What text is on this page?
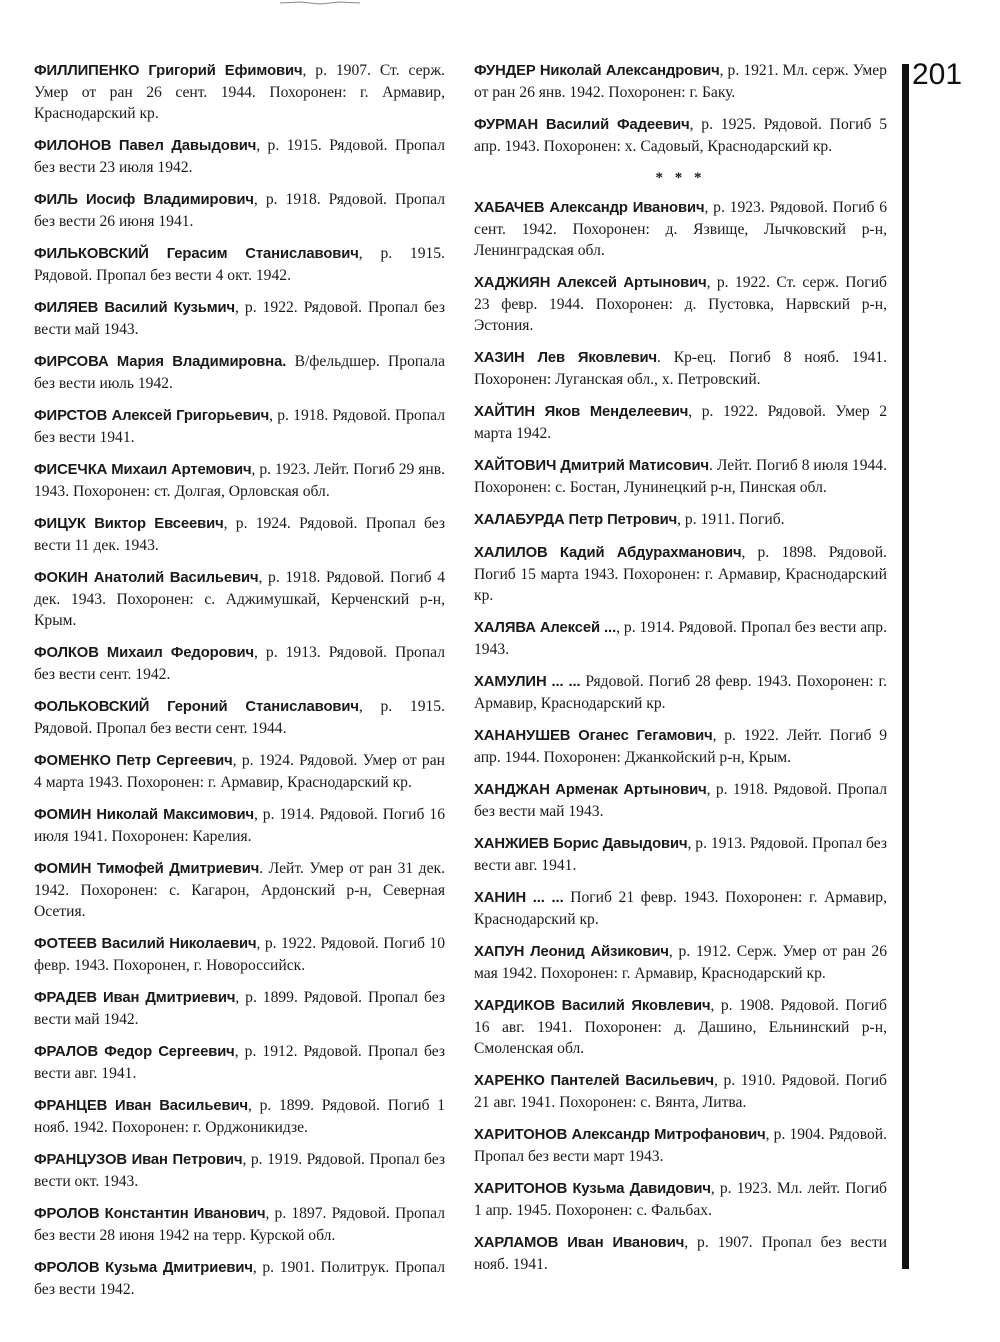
ФИЛЛИПЕНКО Григорий Ефимович, р. 1907. Ст. серж. Умер от ран 26 сент. 1944. Похоронен: г. Армавир, Краснодарский кр.

ФИЛОНОВ Павел Давыдович, р. 1915. Рядовой. Пропал без вести 23 июля 1942.

ФИЛЬ Иосиф Владимирович, р. 1918. Рядовой. Пропал без вести 26 июня 1941.

ФИЛЬКОВСКИЙ Герасим Станиславович, р. 1915. Рядовой. Пропал без вести 4 окт. 1942.

ФИЛЯЕВ Василий Кузьмич, р. 1922. Рядовой. Пропал без вести май 1943.

ФИРСОВА Мария Владимировна. В/фельдшер. Пропала без вести июль 1942.

ФИРСТОВ Алексей Григорьевич, р. 1918. Рядовой. Пропал без вести 1941.

ФИСЕЧКА Михаил Артемович, р. 1923. Лейт. Погиб 29 янв. 1943. Похоронен: ст. Долгая, Орловская обл.

ФИЦУК Виктор Евсеевич, р. 1924. Рядовой. Пропал без вести 11 дек. 1943.

ФОКИН Анатолий Васильевич, р. 1918. Рядовой. Погиб 4 дек. 1943. Похоронен: с. Аджимушкай, Керченский р-н, Крым.

ФОЛКОВ Михаил Федорович, р. 1913. Рядовой. Пропал без вести сент. 1942.

ФОЛЬКОВСКИЙ Героний Станиславович, р. 1915. Рядовой. Пропал без вести сент. 1944.

ФОМЕНКО Петр Сергеевич, р. 1924. Рядовой. Умер от ран 4 марта 1943. Похоронен: г. Армавир, Краснодарский кр.

ФОМИН Николай Максимович, р. 1914. Рядовой. Погиб 16 июля 1941. Похоронен: Карелия.

ФОМИН Тимофей Дмитриевич. Лейт. Умер от ран 31 дек. 1942. Похоронен: с. Кагарон, Ардонский р-н, Северная Осетия.

ФОТЕЕВ Василий Николаевич, р. 1922. Рядовой. Погиб 10 февр. 1943. Похоронен, г. Новороссийск.

ФРАДЕВ Иван Дмитриевич, р. 1899. Рядовой. Пропал без вести май 1942.

ФРАЛОВ Федор Сергеевич, р. 1912. Рядовой. Пропал без вести авг. 1941.

ФРАНЦЕВ Иван Васильевич, р. 1899. Рядовой. Погиб 1 нояб. 1942. Похоронен: г. Орджоникидзе.

ФРАНЦУЗОВ Иван Петрович, р. 1919. Рядовой. Пропал без вести окт. 1943.

ФРОЛОВ Константин Иванович, р. 1897. Рядовой. Пропал без вести 28 июня 1942 на терр. Курской обл.

ФРОЛОВ Кузьма Дмитриевич, р. 1901. Политрук. Пропал без вести 1942.

ФУНДЕР Николай Александрович, р. 1921. Мл. серж. Умер от ран 26 янв. 1942. Похоронен: г. Баку.

ФУРМАН Василий Фадеевич, р. 1925. Рядовой. Погиб 5 апр. 1943. Похоронен: х. Садовый, Краснодарский кр.

* * *

ХАБАЧЕВ Александр Иванович, р. 1923. Рядовой. Погиб 6 сент. 1942. Похоронен: д. Язвище, Лычковский р-н, Ленинградская обл.

ХАДЖИЯН Алексей Артынович, р. 1922. Ст. серж. Погиб 23 февр. 1944. Похоронен: д. Пустовка, Нарвский р-н, Эстония.

ХАЗИН Лев Яковлевич. Кр-ец. Погиб 8 нояб. 1941. Похоронен: Луганская обл., х. Петровский.

ХАЙТИН Яков Менделеевич, р. 1922. Рядовой. Умер 2 марта 1942.

ХАЙТОВИЧ Дмитрий Матисович. Лейт. Погиб 8 июля 1944. Похоронен: с. Бостан, Лунинецкий р-н, Пинская обл.

ХАЛАБУРДА Петр Петрович, р. 1911. Погиб.

ХАЛИЛОВ Кадий Абдурахманович, р. 1898. Рядовой. Погиб 15 марта 1943. Похоронен: г. Армавир, Краснодарский кр.

ХАЛЯВА Алексей ..., р. 1914. Рядовой. Пропал без вести апр. 1943.

ХАМУЛИН ... ... Рядовой. Погиб 28 февр. 1943. Похоронен: г. Армавир, Краснодарский кр.

ХАНАНУШЕВ Оганес Гегамович, р. 1922. Лейт. Погиб 9 апр. 1944. Похоронен: Джанкойский р-н, Крым.

ХАНДЖАН Арменак Артынович, р. 1918. Рядовой. Пропал без вести май 1943.

ХАНЖИЕВ Борис Давыдович, р. 1913. Рядовой. Пропал без вести авг. 1941.

ХАНИН ... ... Погиб 21 февр. 1943. Похоронен: г. Армавир, Краснодарский кр.

ХАПУН Леонид Айзикович, р. 1912. Серж. Умер от ран 26 мая 1942. Похоронен: г. Армавир, Краснодарский кр.

ХАРДИКОВ Василий Яковлевич, р. 1908. Рядовой. Погиб 16 авг. 1941. Похоронен: д. Дашино, Ельнинский р-н, Смоленская обл.

ХАРЕНКО Пантелей Васильевич, р. 1910. Рядовой. Погиб 21 авг. 1941. Похоронен: с. Вянта, Литва.

ХАРИТОНОВ Александр Митрофанович, р. 1904. Рядовой. Пропал без вести март 1943.

ХАРИТОНОВ Кузьма Давидович, р. 1923. Мл. лейт. Погиб 1 апр. 1945. Похоронен: с. Фальбах.

ХАРЛАМОВ Иван Иванович, р. 1907. Пропал без вести нояб. 1941.

201
